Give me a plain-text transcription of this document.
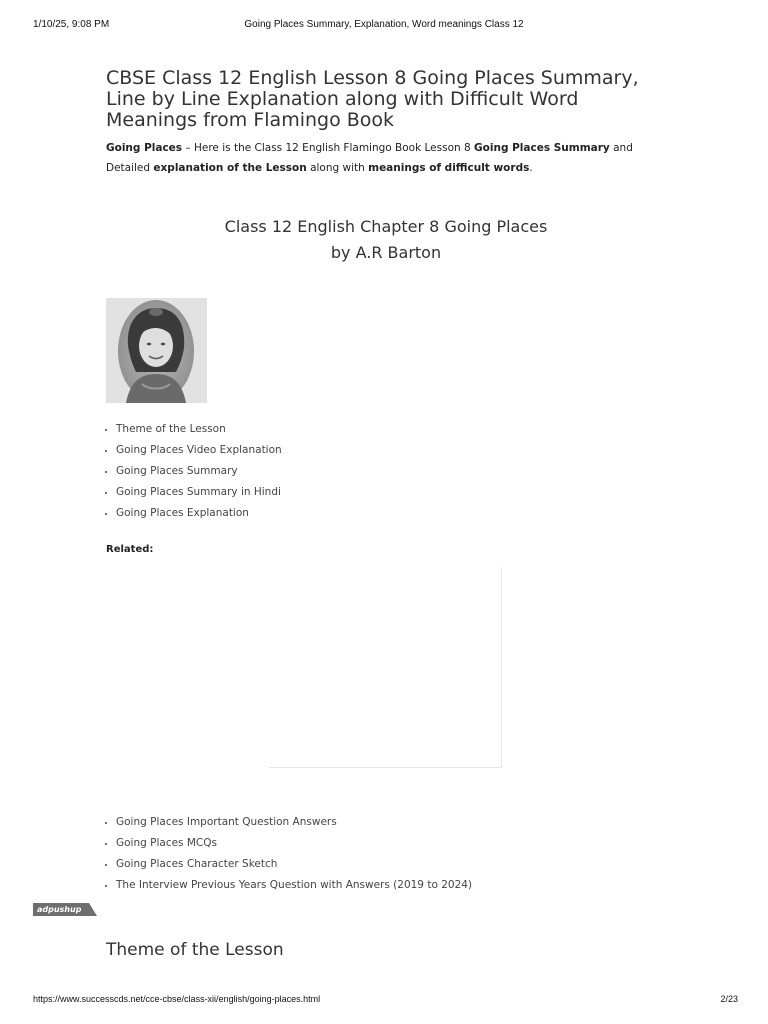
1/10/25, 9:08 PM	Going Places Summary, Explanation, Word meanings Class 12
CBSE Class 12 English Lesson 8 Going Places Summary, Line by Line Explanation along with Difficult Word Meanings from Flamingo Book

Going Places – Here is the Class 12 English Flamingo Book Lesson 8 Going Places Summary and Detailed explanation of the Lesson along with meanings of difficult words.

Class 12 English Chapter 8 Going Places
by A.R Barton
• Theme of the Lesson
• Going Places Video Explanation
• Going Places Summary
• Going Places Summary in Hindi
• Going Places Explanation
Related:
• Going Places Important Question Answers
• Going Places MCQs
• Going Places Character Sketch
• The Interview Previous Years Question with Answers (2019 to 2024)
adpushup
Theme of the Lesson
https://www.successcds.net/cce-cbse/class-xii/english/going-places.html	2/23
